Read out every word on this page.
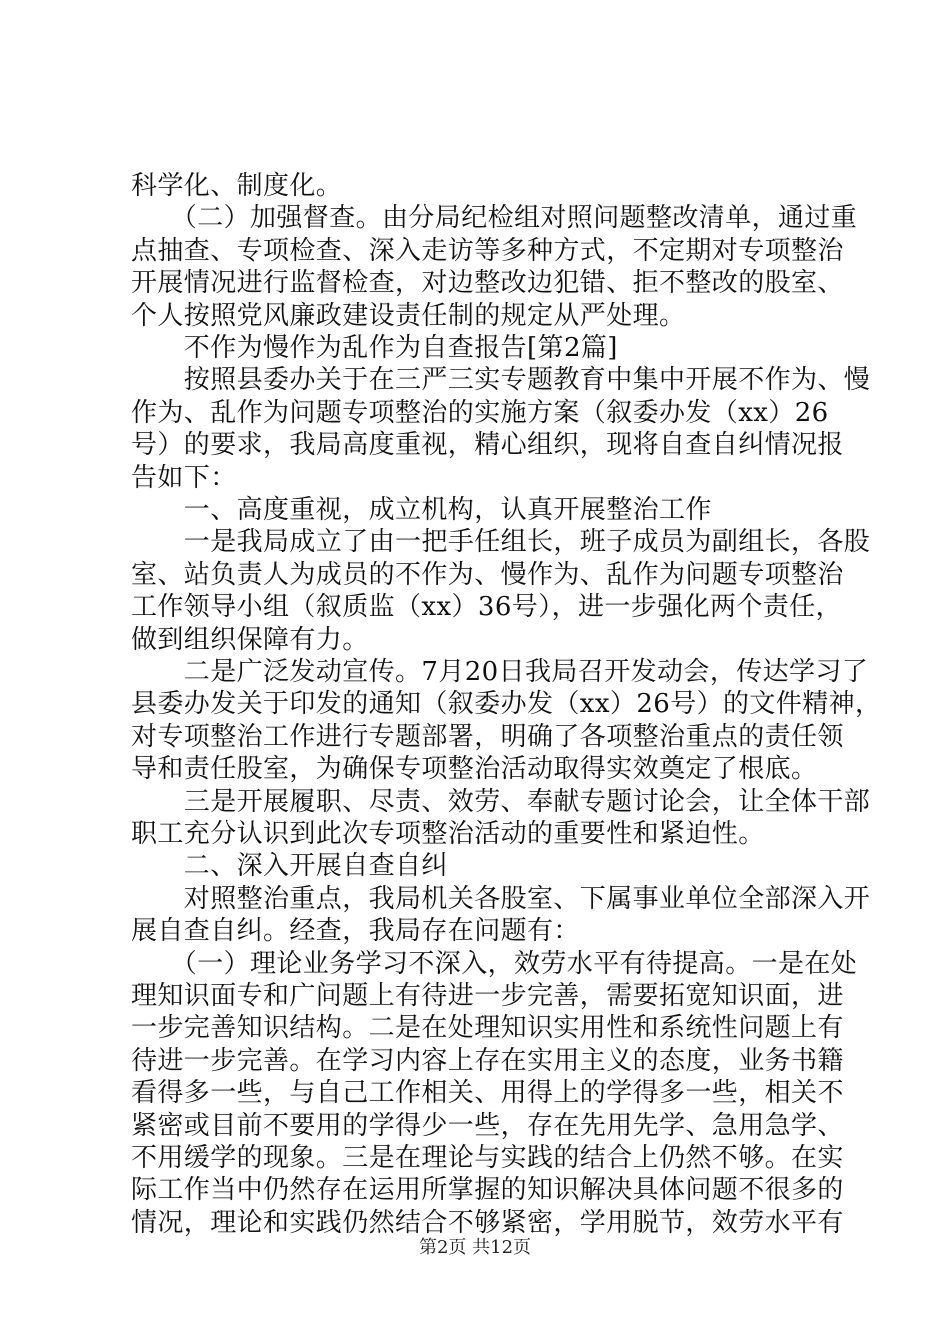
科学化、制度化。
　　（二）加强督查。由分局纪检组对照问题整改清单，通过重
点抽查、专项检查、深入走访等多种方式，不定期对专项整治
开展情况进行监督检查，对边整改边犯错、拒不整改的股室、
个人按照党风廉政建设责任制的规定从严处理。
　　不作为慢作为乱作为自查报告[第2篇]
　　按照县委办关于在三严三实专题教育中集中开展不作为、慢
作为、乱作为问题专项整治的实施方案（叙委办发（xx）26
号）的要求，我局高度重视，精心组织，现将自查自纠情况报
告如下：
　　一、高度重视，成立机构，认真开展整治工作
　　一是我局成立了由一把手任组长，班子成员为副组长，各股
室、站负责人为成员的不作为、慢作为、乱作为问题专项整治
工作领导小组（叙质监（xx）36号），进一步强化两个责任，
做到组织保障有力。
　　二是广泛发动宣传。7月20日我局召开发动会，传达学习了
县委办发关于印发的通知（叙委办发（xx）26号）的文件精神，
对专项整治工作进行专题部署，明确了各项整治重点的责任领
导和责任股室，为确保专项整治活动取得实效奠定了根底。
　　三是开展履职、尽责、效劳、奉献专题讨论会，让全体干部
职工充分认识到此次专项整治活动的重要性和紧迫性。
　　二、深入开展自查自纠
　　对照整治重点，我局机关各股室、下属事业单位全部深入开
展自查自纠。经查，我局存在问题有：
　　（一）理论业务学习不深入，效劳水平有待提高。一是在处
理知识面专和广问题上有待进一步完善，需要拓宽知识面，进
一步完善知识结构。二是在处理知识实用性和系统性问题上有
待进一步完善。在学习内容上存在实用主义的态度，业务书籍
看得多一些，与自己工作相关、用得上的学得多一些，相关不
紧密或目前不要用的学得少一些，存在先用先学、急用急学、
不用缓学的现象。三是在理论与实践的结合上仍然不够。在实
际工作当中仍然存在运用所掌握的知识解决具体问题不很多的
情况，理论和实践仍然结合不够紧密，学用脱节，效劳水平有
第2页 共12页
